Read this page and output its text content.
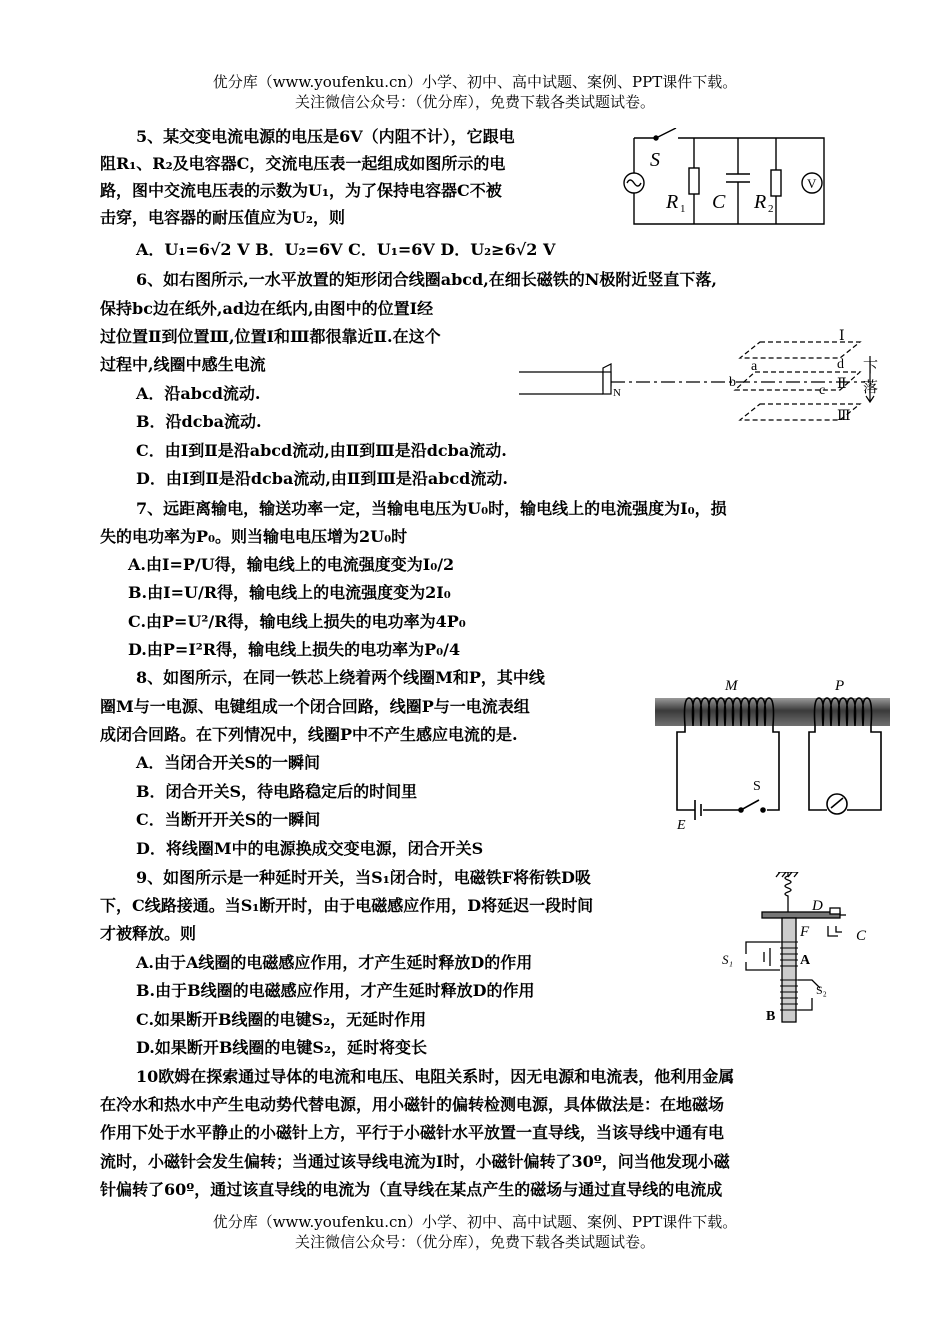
优分库（www.youfenku.cn）小学、初中、高中试题、案例、PPT课件下载。
关注微信公众号：（优分库），免费下载各类试题试卷。
5、某交变电流电源的电压是6V（内阻不计），它跟电
阻R₁、R₂及电容器C，交流电压表一起组成如图所示的电
路，图中交流电压表的示数为U₁，为了保持电容器C不被
击穿，电容器的耐压值应为U₂，则
A．U₁=6√2 V B．U₂=6V C．U₁=6V D．U₂≥6√2 V
S
R 1 C R 2
V
6、如右图所示,一水平放置的矩形闭合线圈abcd,在细长磁铁的N极附近竖直下落,
保持bc边在纸外,ad边在纸内,由图中的位置Ⅰ经
过位置Ⅱ到位置Ⅲ,位置Ⅰ和Ⅲ都很靠近Ⅱ.在这个
过程中,线圈中感生电流
A．沿abcd流动.
B．沿dcba流动.
C．由Ⅰ到Ⅱ是沿abcd流动,由Ⅱ到Ⅲ是沿dcba流动.
D．由Ⅰ到Ⅱ是沿dcba流动,由Ⅱ到Ⅲ是沿abcd流动.
N
a
b
c
d
Ⅰ
Ⅱ
Ⅲ
下
落
7、远距离输电，输送功率一定，当输电电压为U₀时，输电线上的电流强度为I₀，损
失的电功率为P₀。则当输电电压增为2U₀时
A.由I=P/U得，输电线上的电流强度变为I₀/2
B.由I=U/R得，输电线上的电流强度变为2I₀
C.由P=U²/R得，输电线上损失的电功率为4P₀
D.由P=I²R得，输电线上损失的电功率为P₀/4
8、如图所示，在同一铁芯上绕着两个线圈M和P，其中线
圈M与一电源、电键组成一个闭合回路，线圈P与一电流表组
成闭合回路。在下列情况中，线圈P中不产生感应电流的是.
A．当闭合开关S的一瞬间
B．闭合开关S，待电路稳定后的时间里
C．当断开开关S的一瞬间
D．将线圈M中的电源换成交变电源，闭合开关S
M	P
S
E
9、如图所示是一种延时开关，当S₁闭合时，电磁铁F将衔铁D吸
下，C线路接通。当S₁断开时，由于电磁感应作用，D将延迟一段时间
才被释放。则
A.由于A线圈的电磁感应作用，才产生延时释放D的作用
B.由于B线圈的电磁感应作用，才产生延时释放D的作用
C.如果断开B线圈的电键S₂，无延时作用
D.如果断开B线圈的电键S₂，延时将变长
D
F	C
S₁	A
S₂
B
10欧姆在探索通过导体的电流和电压、电阻关系时，因无电源和电流表，他利用金属
在冷水和热水中产生电动势代替电源，用小磁针的偏转检测电源，具体做法是：在地磁场
作用下处于水平静止的小磁针上方，平行于小磁针水平放置一直导线，当该导线中通有电
流时，小磁针会发生偏转；当通过该导线电流为I时，小磁针偏转了30º，问当他发现小磁
针偏转了60º，通过该直导线的电流为（直导线在某点产生的磁场与通过直导线的电流成
优分库（www.youfenku.cn）小学、初中、高中试题、案例、PPT课件下载。
关注微信公众号：（优分库），免费下载各类试题试卷。
